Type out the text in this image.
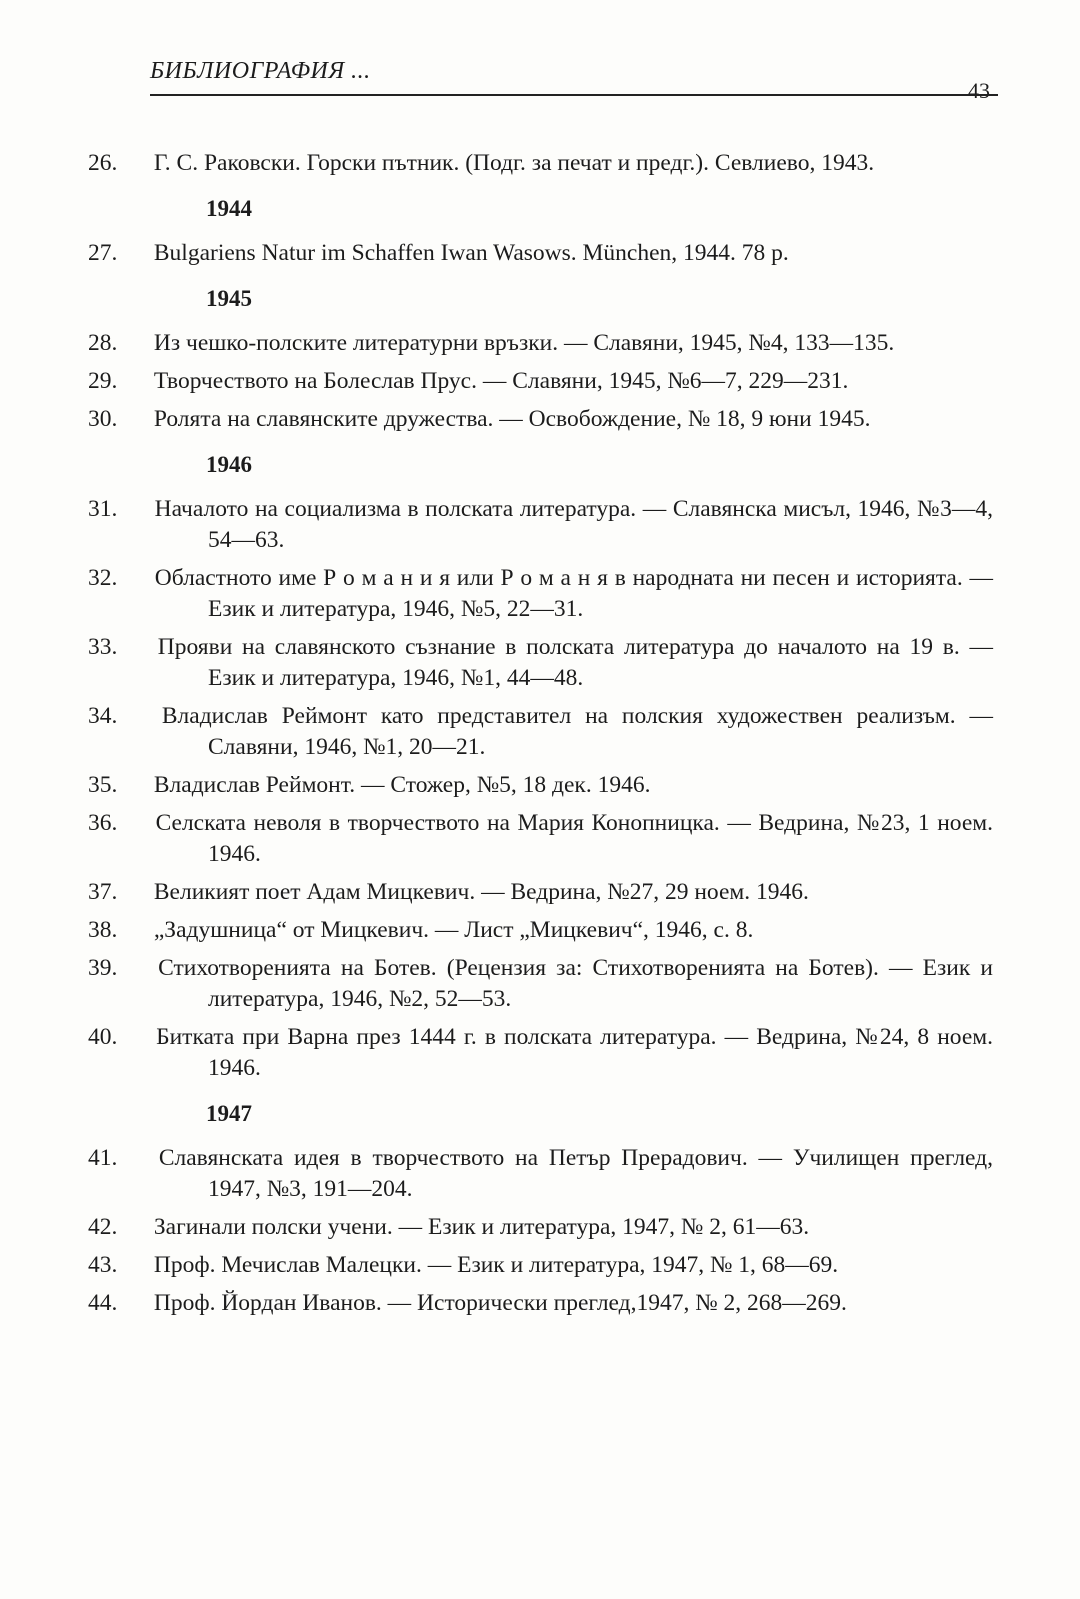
БИБЛИОГРАФИЯ ...
43

26. Г. С. Раковски. Горски пътник. (Подг. за печат и предг.). Севлиево, 1943.

1944

27. Bulgariens Natur im Schaffen Iwan Wasows. München, 1944. 78 р.

1945

28. Из чешко-полските литературни връзки. — Славяни, 1945, №4, 133—135.

29. Творчеството на Болеслав Прус. — Славяни, 1945, №6—7, 229—231.

30. Ролята на славянските дружества. — Освобождение, № 18, 9 юни 1945.

1946

31. Началото на социализма в полската литература. — Славянска мисъл, 1946, №3—4, 54—63.

32. Областното име Р о м а н и я или Р о м а н я в народната ни песен и историята. — Език и литература, 1946, №5, 22—31.

33. Прояви на славянското съзнание в полската литература до началото на 19 в. — Език и литература, 1946, №1, 44—48.

34. Владислав Реймонт като представител на полския художествен реализъм. — Славяни, 1946, №1, 20—21.

35. Владислав Реймонт. — Стожер, №5, 18 дек. 1946.

36. Селската неволя в творчеството на Мария Конопницка. — Ведрина, №23, 1 ноем. 1946.

37. Великият поет Адам Мицкевич. — Ведрина, №27, 29 ноем. 1946.

38. „Задушница“ от Мицкевич. — Лист „Мицкевич“, 1946, с. 8.

39. Стихотворенията на Ботев. (Рецензия за: Стихотворенията на Ботев). — Език и литература, 1946, №2, 52—53.

40. Битката при Варна през 1444 г. в полската литература. — Ведрина, №24, 8 ноем. 1946.

1947

41. Славянската идея в творчеството на Петър Прерадович. — Училищен преглед, 1947, №3, 191—204.

42. Загинали полски учени. — Език и литература, 1947, № 2, 61—63.

43. Проф. Мечислав Малецки. — Език и литература, 1947, № 1, 68—69.

44. Проф. Йордан Иванов. — Исторически преглед,1947, № 2, 268—269.
